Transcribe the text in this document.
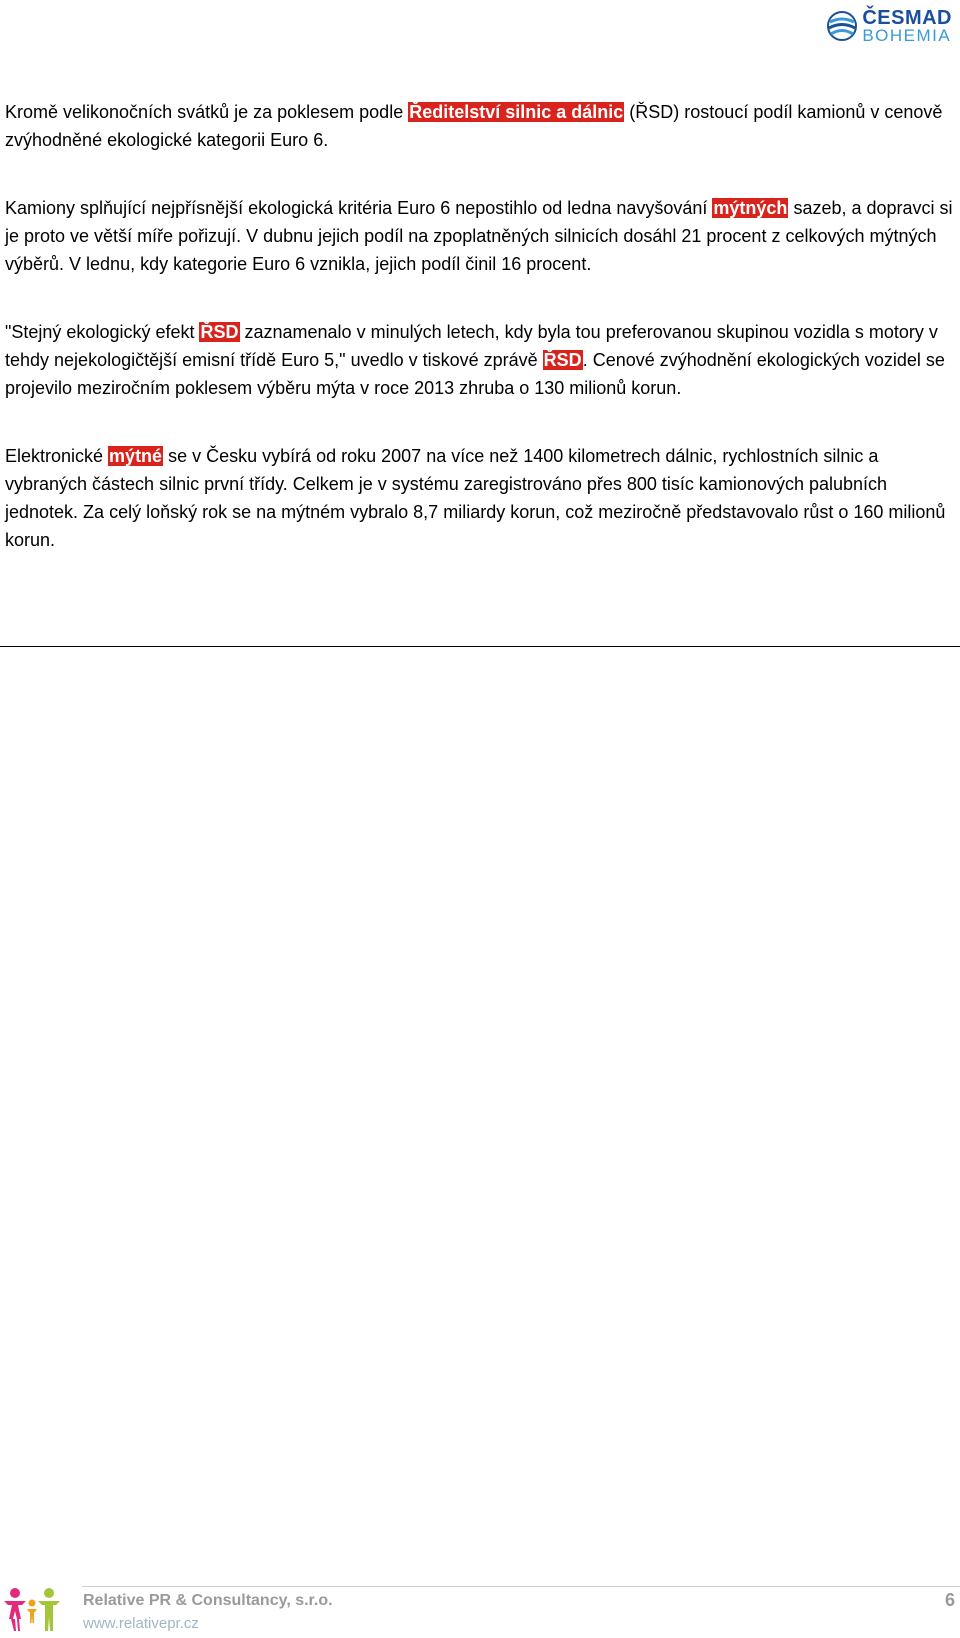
ČESMAD
BOHEMIA

Kromě velikonočních svátků je za poklesem podle Ředitelství silnic a dálnic (ŘSD) rostoucí podíl kamionů v cenově zvýhodněné ekologické kategorii Euro 6.

Kamiony splňující nejpřísnější ekologická kritéria Euro 6 nepostihlo od ledna navyšování mýtných sazeb, a dopravci si je proto ve větší míře pořizují. V dubnu jejich podíl na zpoplatněných silnicích dosáhl 21 procent z celkových mýtných výběrů. V lednu, kdy kategorie Euro 6 vznikla, jejich podíl činil 16 procent.

"Stejný ekologický efekt ŘSD zaznamenalo v minulých letech, kdy byla tou preferovanou skupinou vozidla s motory v tehdy nejekologičtější emisní třídě Euro 5," uvedlo v tiskové zprávě ŘSD. Cenové zvýhodnění ekologických vozidel se projevilo meziročním poklesem výběru mýta v roce 2013 zhruba o 130 milionů korun.

Elektronické mýtné se v Česku vybírá od roku 2007 na více než 1400 kilometrech dálnic, rychlostních silnic a vybraných částech silnic první třídy. Celkem je v systému zaregistrováno přes 800 tisíc kamionových palubních jednotek. Za celý loňský rok se na mýtném vybralo 8,7 miliardy korun, což meziročně představovalo růst o 160 milionů korun.

Relative PR & Consultancy, s.r.o.
www.relativepr.cz
6
